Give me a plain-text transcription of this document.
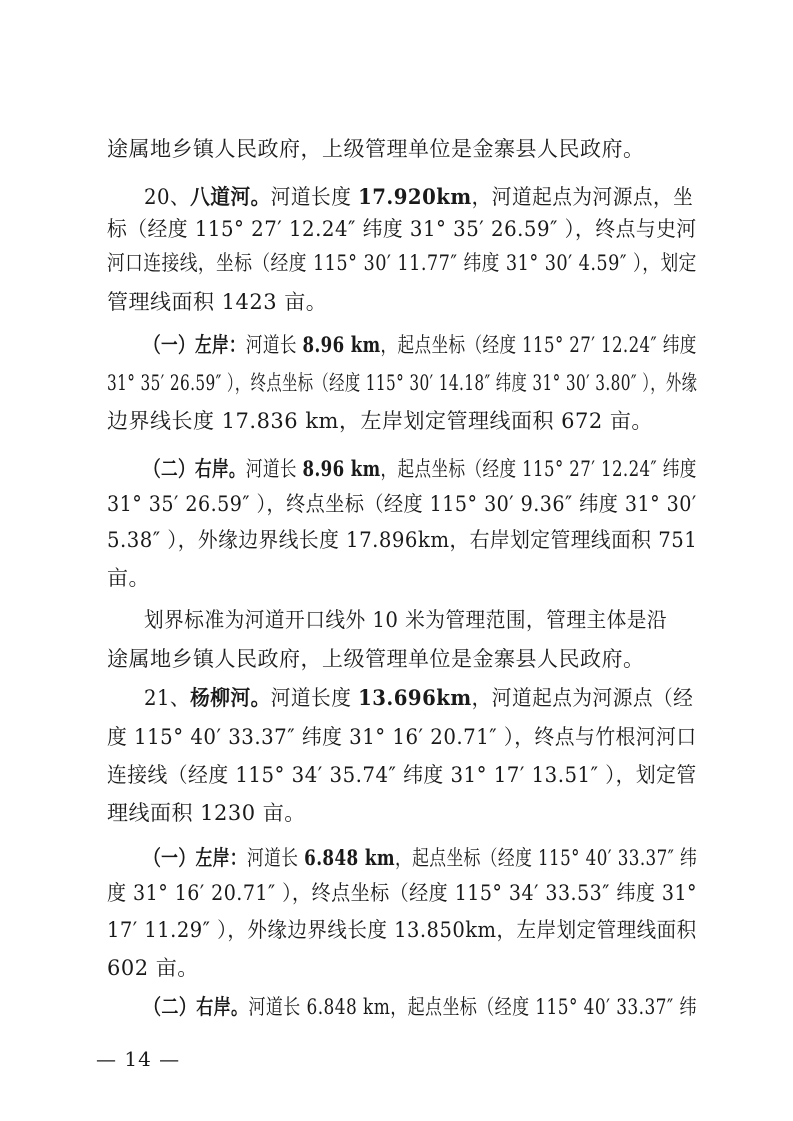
途属地乡镇人民政府，上级管理单位是金寨县人民政府。
20、八道河。河道长度 17.920km，河道起点为河源点，坐
标（经度 115° 27′ 12.24″ 纬度 31° 35′ 26.59″ ），终点与史河
河口连接线，坐标（经度 115° 30′ 11.77″ 纬度 31° 30′ 4.59″ ），划定
管理线面积 1423 亩。
（一）左岸：河道长 8.96 km，起点坐标（经度 115° 27′ 12.24″ 纬度
31° 35′ 26.59″ ），终点坐标（经度 115° 30′ 14.18″ 纬度 31° 30′ 3.80″ ），外缘
边界线长度 17.836 km，左岸划定管理线面积 672 亩。
（二）右岸。河道长 8.96 km，起点坐标（经度 115° 27′ 12.24″ 纬度
31° 35′ 26.59″ ），终点坐标（经度 115° 30′ 9.36″ 纬度 31° 30′
5.38″ ），外缘边界线长度 17.896km，右岸划定管理线面积 751
亩。
划界标准为河道开口线外 10 米为管理范围，管理主体是沿
途属地乡镇人民政府，上级管理单位是金寨县人民政府。
21、杨柳河。河道长度 13.696km，河道起点为河源点（经
度 115° 40′ 33.37″ 纬度 31° 16′ 20.71″ ），终点与竹根河河口
连接线（经度 115° 34′ 35.74″ 纬度 31° 17′ 13.51″ ），划定管
理线面积 1230 亩。
（一）左岸：河道长 6.848 km，起点坐标（经度 115° 40′ 33.37″ 纬
度 31° 16′ 20.71″ ），终点坐标（经度 115° 34′ 33.53″ 纬度 31°
17′ 11.29″ ），外缘边界线长度 13.850km，左岸划定管理线面积
602 亩。
（二）右岸。河道长 6.848 km，起点坐标（经度 115° 40′ 33.37″ 纬
— 14 —
